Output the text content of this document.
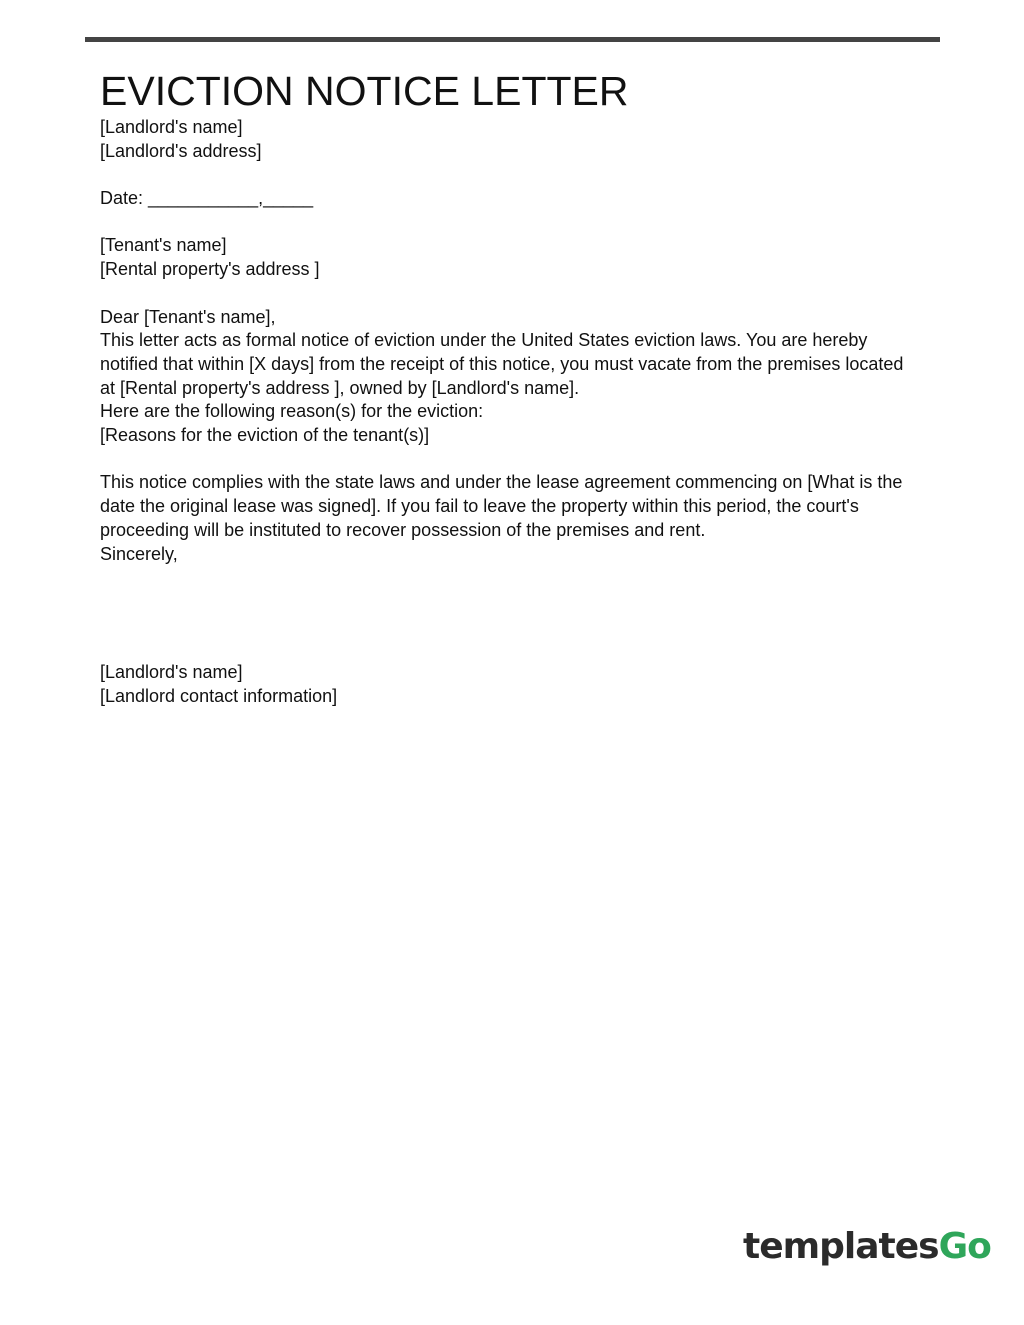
EVICTION NOTICE LETTER
[Landlord's name]
[Landlord's address]
Date: ___________,_____
[Tenant's name]
[Rental property's address ]
Dear [Tenant's name],
This letter acts as formal notice of eviction under the United States eviction laws. You are hereby notified that within [X days] from the receipt of this notice, you must vacate from the premises located at [Rental property's address ], owned by [Landlord's name].
Here are the following reason(s) for the eviction:
[Reasons for the eviction of the tenant(s)]
This notice complies with the state laws and under the lease agreement commencing on [What is the date the original lease was signed]. If you fail to leave the property within this period, the court's proceeding will be instituted to recover possession of the premises and rent.
Sincerely,
[Landlord's name]
[Landlord contact information]
templatesGo
